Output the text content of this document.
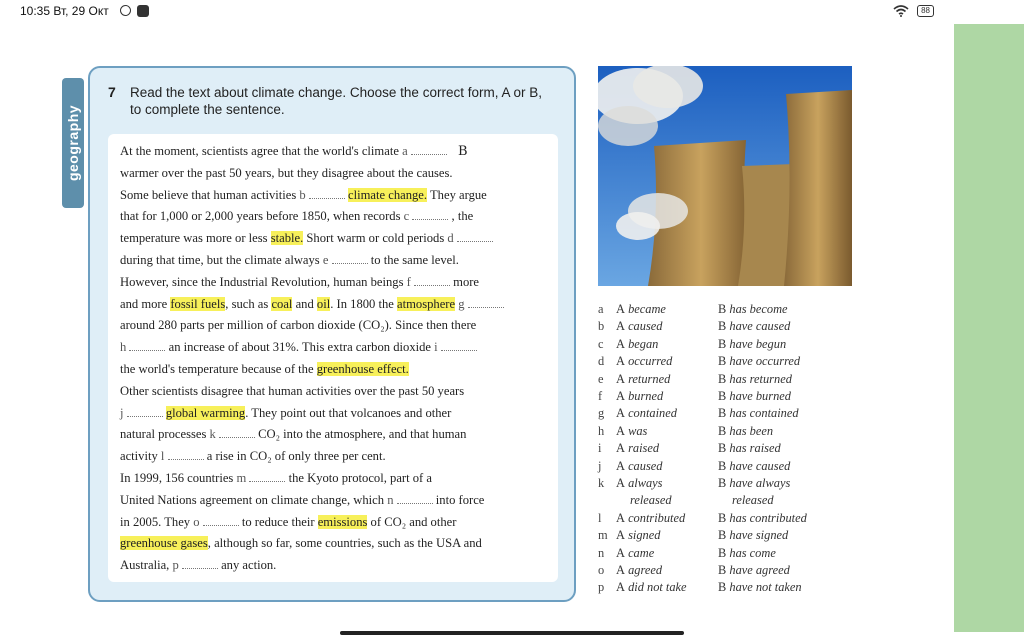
10:35 Вт, 29 Окт	88
geography
7 Read the text about climate change. Choose the correct form, A or B, to complete the sentence.
At the moment, scientists agree that the world's climate a	B
warmer over the past 50 years, but they disagree about the causes.
Some believe that human activities b	climate change. They argue
that for 1,000 or 2,000 years before 1850, when records c	, the
temperature was more or less stable. Short warm or cold periods d
during that time, but the climate always e	to the same level.
However, since the Industrial Revolution, human beings f	more
and more fossil fuels, such as coal and oil. In 1800 the atmosphere g
around 280 parts per million of carbon dioxide (CO₂). Since then there
h	an increase of about 31%. This extra carbon dioxide i
the world's temperature because of the greenhouse effect.
Other scientists disagree that human activities over the past 50 years
j	global warming. They point out that volcanoes and other
natural processes k	CO₂ into the atmosphere, and that human
activity l	a rise in CO₂ of only three per cent.
In 1999, 156 countries m	the Kyoto protocol, part of a
United Nations agreement on climate change, which n	into force
in 2005. They o	to reduce their emissions of CO₂ and other
greenhouse gases, although so far, some countries, such as the USA and
Australia, p	any action.
a A became	B has become
b A caused	B have caused
c A began	B have begun
d A occurred	B have occurred
e A returned	B has returned
f A burned	B have burned
g A contained	B has contained
h A was	B has been
i A raised	B has raised
j A caused	B have caused
k A always	B have always
released	released
l A contributed	B has contributed
m A signed	B have signed
n A came	B has come
o A agreed	B have agreed
p A did not take	B have not taken
